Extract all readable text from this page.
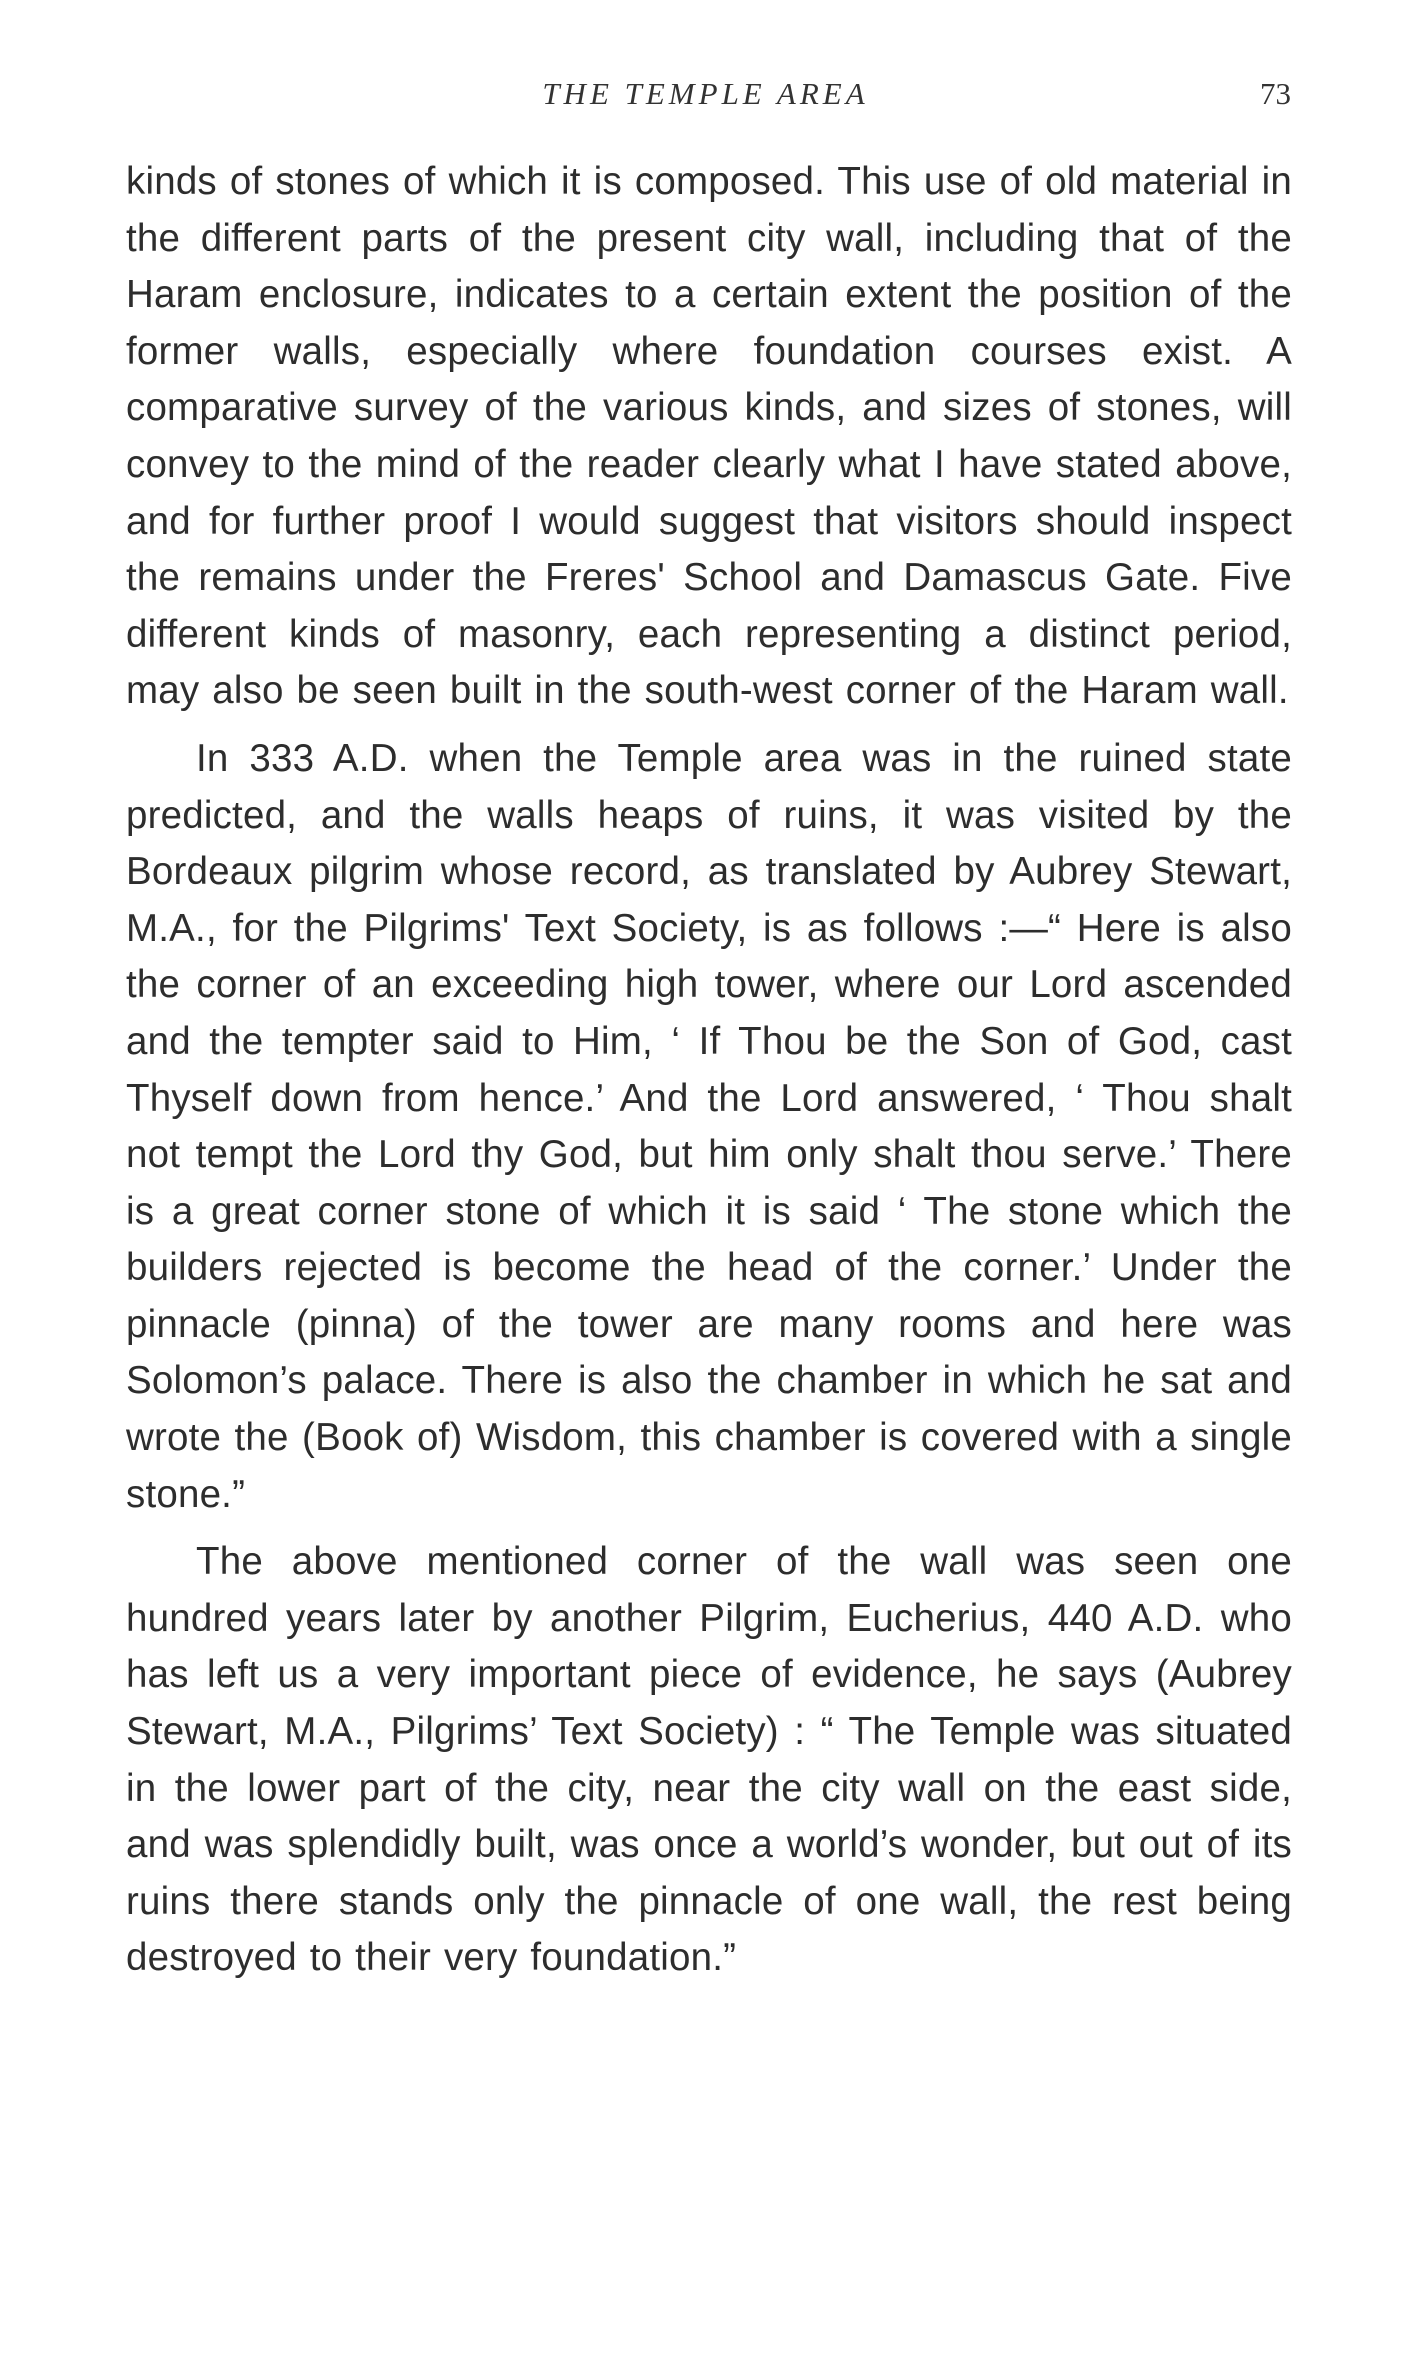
THE TEMPLE AREA	73

kinds of stones of which it is composed. This use of old material in the different parts of the present city wall, including that of the Haram enclosure, indicates to a certain extent the position of the former walls, especially where foundation courses exist. A comparative survey of the various kinds, and sizes of stones, will convey to the mind of the reader clearly what I have stated above, and for further proof I would suggest that visitors should inspect the remains under the Freres' School and Damascus Gate. Five different kinds of masonry, each representing a distinct period, may also be seen built in the south-west corner of the Haram wall.

In 333 A.D. when the Temple area was in the ruined state predicted, and the walls heaps of ruins, it was visited by the Bordeaux pilgrim whose record, as translated by Aubrey Stewart, M.A., for the Pilgrims' Text Society, is as follows :—“ Here is also the corner of an exceeding high tower, where our Lord ascended and the tempter said to Him, ‘ If Thou be the Son of God, cast Thyself down from hence.’ And the Lord answered, ‘ Thou shalt not tempt the Lord thy God, but him only shalt thou serve.’ There is a great corner stone of which it is said ‘ The stone which the builders rejected is become the head of the corner.’ Under the pinnacle (pinna) of the tower are many rooms and here was Solomon’s palace. There is also the chamber in which he sat and wrote the (Book of) Wisdom, this chamber is covered with a single stone.”

The above mentioned corner of the wall was seen one hundred years later by another Pilgrim, Eucherius, 440 A.D. who has left us a very important piece of evidence, he says (Aubrey Stewart, M.A., Pilgrims’ Text Society) : “ The Temple was situated in the lower part of the city, near the city wall on the east side, and was splendidly built, was once a world’s wonder, but out of its ruins there stands only the pinnacle of one wall, the rest being destroyed to their very foundation.”
